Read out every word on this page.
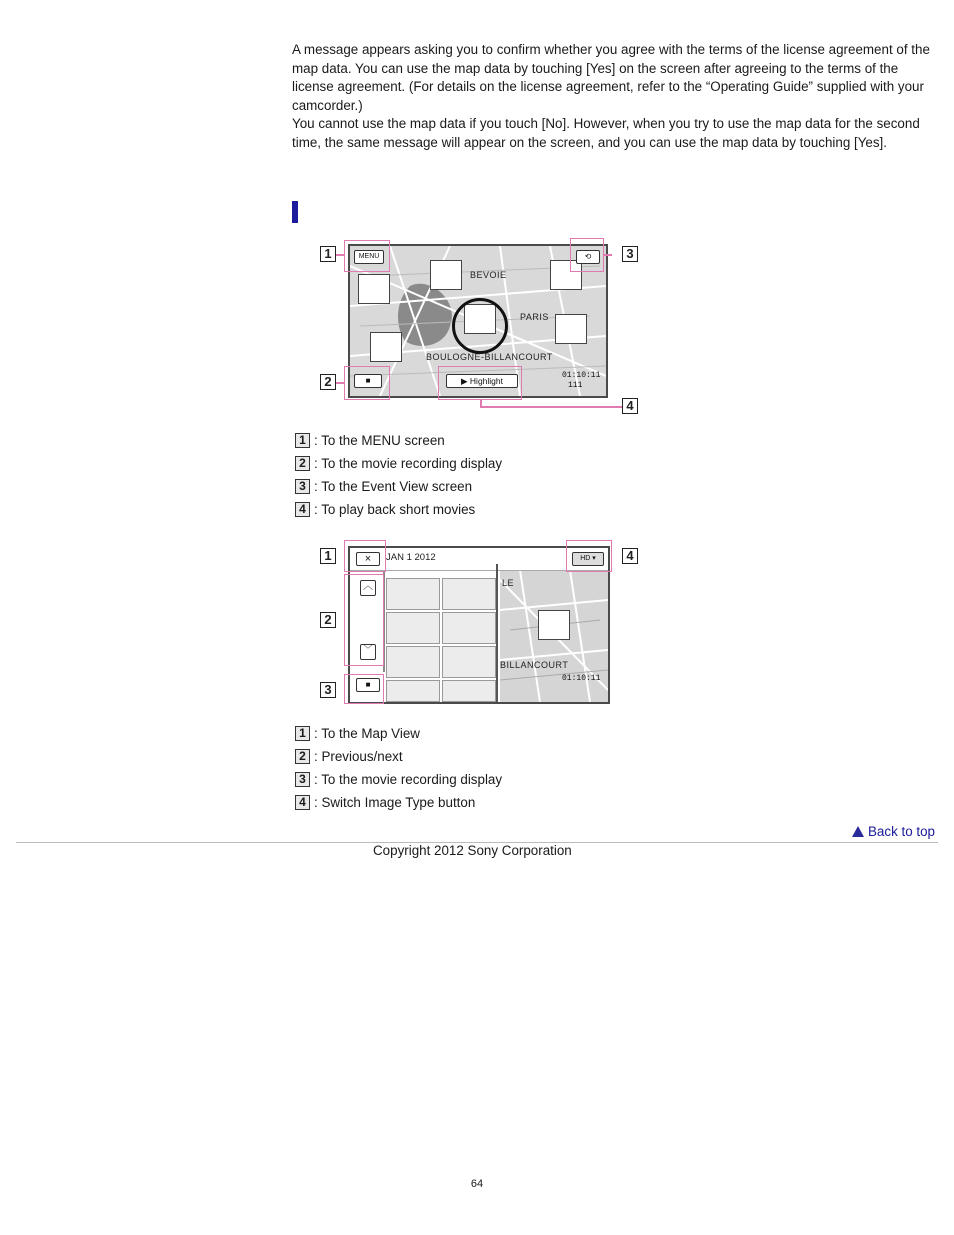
A message appears asking you to confirm whether you agree with the terms of the license agreement of the map data. You can use the map data by touching [Yes] on the screen after agreeing to the terms of the license agreement. (For details on the license agreement, refer to the “Operating Guide” supplied with your camcorder.)

You cannot use the map data if you touch [No]. However, when you try to use the map data for the second time, the same message will appear on the screen, and you can use the map data by touching [Yes].

BEVOIE
PARIS
BOULOGNE-BILLANCOURT
MENU	⟲
■	▶ Highlight
01:10:11
111
1
2
3
4
1 : To the MENU screen
2 : To the movie recording display
3 : To the Event View screen
4 : To play back short movies
JAN 1 2012
LE
BILLANCOURT
01:10:11
×
︿
﹀
■
HD ▾
1
2
3
4
1 : To the Map View
2 : Previous/next
3 : To the movie recording display
4 : Switch Image Type button
Back to top
Copyright 2012 Sony Corporation
64
